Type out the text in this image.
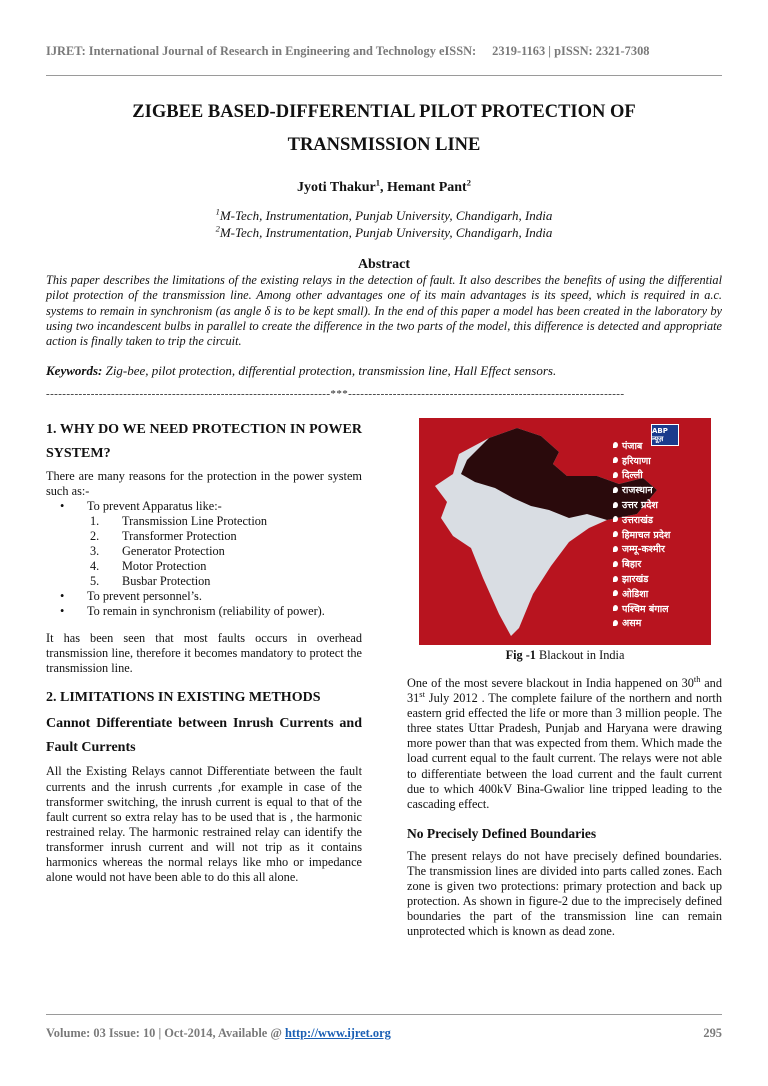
IJRET: International Journal of Research in Engineering and Technology eISSN: 2319-1163 | pISSN: 2321-7308
ZIGBEE BASED-DIFFERENTIAL PILOT PROTECTION OF
TRANSMISSION LINE
Jyoti Thakur$^1$, Hemant Pant$^2$
$^1$M-Tech, Instrumentation, Punjab University, Chandigarh, India
$^2$M-Tech, Instrumentation, Punjab University, Chandigarh, India
Abstract
This paper describes the limitations of the existing relays in the detection of fault. It also describes the benefits of using the differential pilot protection of the transmission line. Among other advantages one of its main advantages is its speed, which is required in a.c. systems to remain in synchronism (as angle δ is to be kept small). In the end of this paper a model has been created in the laboratory by using two incandescent bulbs in parallel to create the difference in the two parts of the model, this difference is detected and appropriate action is finally taken to trip the circuit.
Keywords: Zig-bee, pilot protection, differential protection, transmission line, Hall Effect sensors.
----------------------------------------------------------------------***--------------------------------------------------------------------
1. WHY DO WE NEED PROTECTION IN POWER SYSTEM?
There are many reasons for the protection in the power system such as:-
• To prevent Apparatus like:-
1. Transmission Line Protection
2. Transformer Protection
3. Generator Protection
4. Motor Protection
5. Busbar Protection
• To prevent personnel’s.
• To remain in synchronism (reliability of power).
It has been seen that most faults occurs in overhead transmission line, therefore it becomes mandatory to protect the transmission line.
2. LIMITATIONS IN EXISTING METHODS
Cannot Differentiate between Inrush Currents and Fault Currents
All the Existing Relays cannot Differentiate between the fault currents and the inrush currents ,for example in case of the transformer switching, the inrush current is equal to that of the fault current so extra relay has to be used that is , the harmonic restrained relay. The harmonic restrained relay can identify the transformer inrush current and will not trip as it contains harmonics whereas the normal relays like mho or impedance alone would not have been able to do this all alone.
ABP न्यूज़
पंजाब
हरियाणा
दिल्ली
राजस्थान
उत्तर प्रदेश
उत्तराखंड
हिमाचल प्रदेश
जम्मू-कश्मीर
बिहार
झारखंड
ओडिशा
पश्चिम बंगाल
असम
Fig -1 Blackout in India
One of the most severe blackout in India happened on 30th and 31st July 2012 . The complete failure of the northern and north eastern grid effected the life or more than 3 million people. The three states Uttar Pradesh, Punjab and Haryana were drawing more power than that was expected from them. Which made the load current equal to the fault current. The relays were not able to differentiate between the load current and the fault current due to which 400kV Bina-Gwalior line tripped leading to the cascading effect.
No Precisely Defined Boundaries
The present relays do not have precisely defined boundaries. The transmission lines are divided into parts called zones. Each zone is given two protections: primary protection and back up protection. As shown in figure-2 due to the imprecisely defined boundaries the part of the transmission line can remain unprotected which is known as dead zone.
Volume: 03 Issue: 10 | Oct-2014, Available @ http://www.ijret.org	295
